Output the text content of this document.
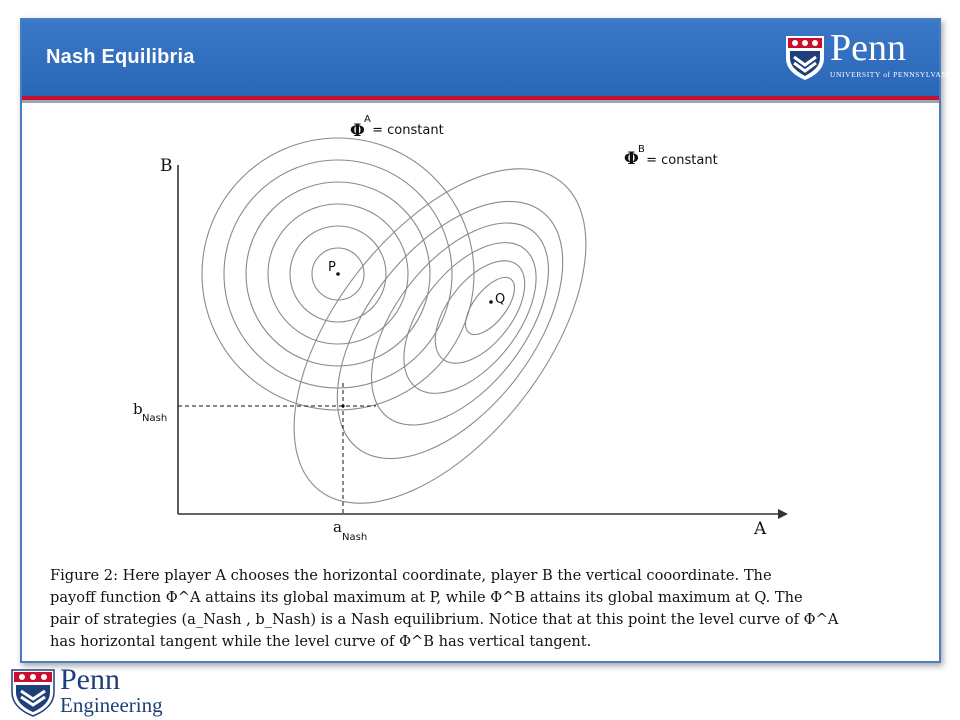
Nash Equilibria	Penn
UNIVERSITY of PENNSYLVANIA
B
A
Φ
A
= constant
Φ B
= constant
P
Q
b
Nash
a
Nash
Figure 2: Here player A chooses the horizontal coordinate, player B the vertical cooordinate. The
payoff function Φ^A attains its global maximum at P, while Φ^B attains its global maximum at Q. The
pair of strategies (a_Nash , b_Nash) is a Nash equilibrium. Notice that at this point the level curve of Φ^A
has horizontal tangent while the level curve of Φ^B has vertical tangent.
Penn
Engineering
